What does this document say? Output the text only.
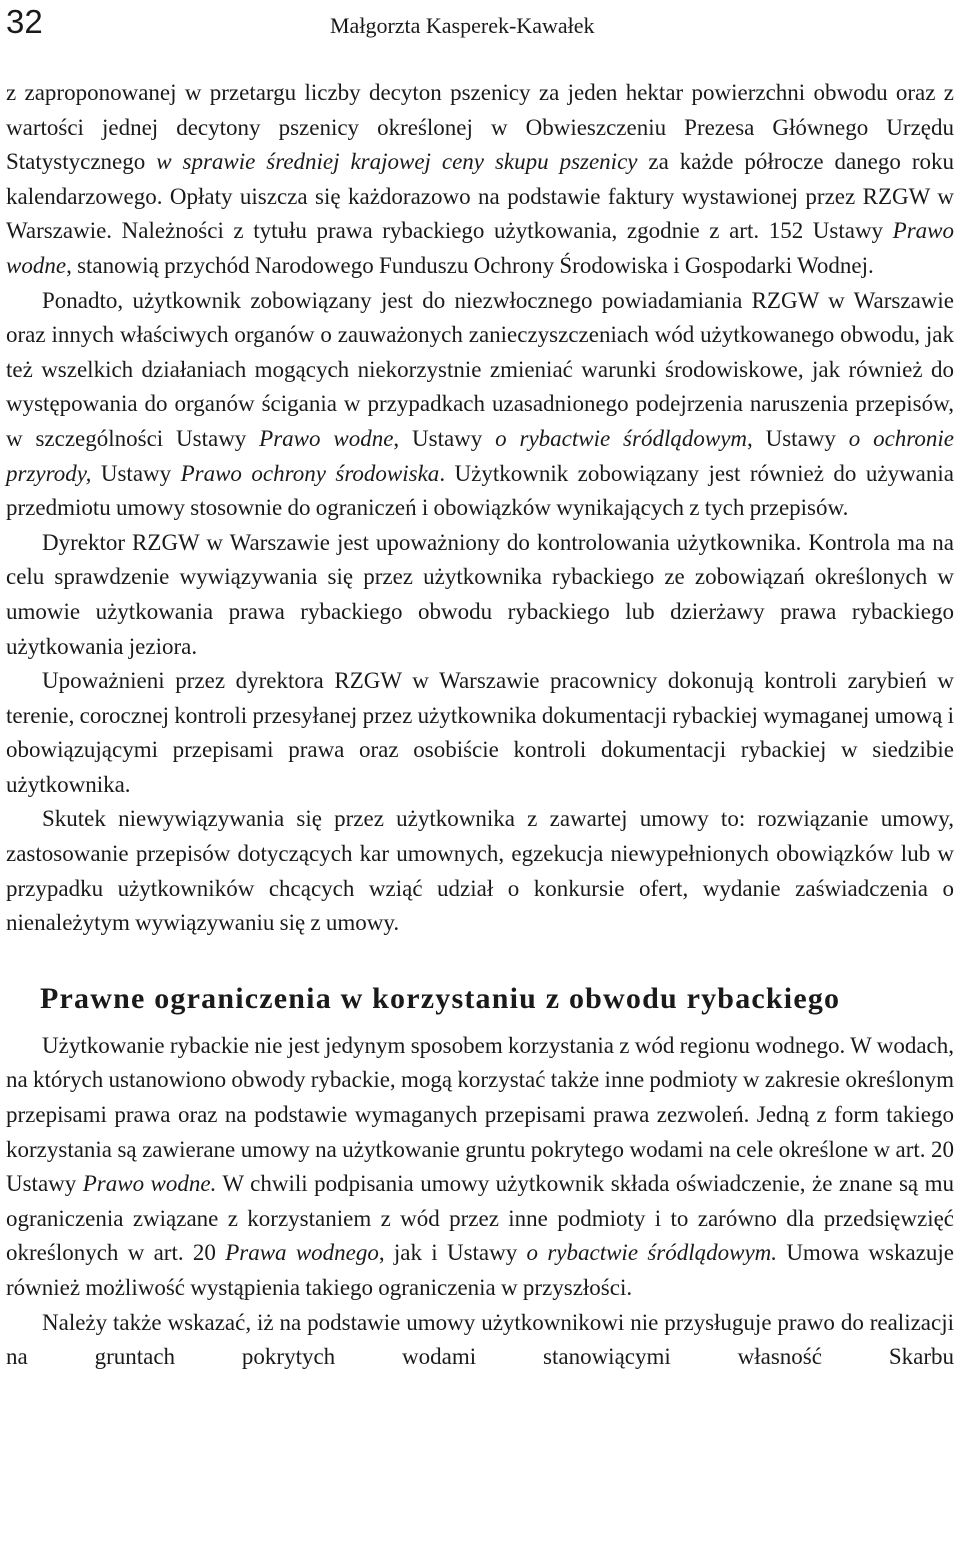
32	Małgorzta Kasperek-Kawałek

z zaproponowanej w przetargu liczby decyton pszenicy za jeden hektar powierzchni obwodu oraz z wartości jednej decytony pszenicy określonej w Obwieszczeniu Prezesa Głównego Urzędu Statystycznego w sprawie średniej krajowej ceny skupu pszenicy za każde półrocze danego roku kalendarzowego. Opłaty uiszcza się każdorazowo na podstawie faktury wystawionej przez RZGW w Warszawie. Należności z tytułu prawa rybackiego użytkowania, zgodnie z art. 152 Ustawy Prawo wodne, stanowią przychód Narodowego Funduszu Ochrony Środowiska i Gospodarki Wodnej.

Ponadto, użytkownik zobowiązany jest do niezwłocznego powiadamiania RZGW w Warszawie oraz innych właściwych organów o zauważonych zanieczyszczeniach wód użytkowanego obwodu, jak też wszelkich działaniach mogących niekorzystnie zmieniać warunki środowiskowe, jak również do występowania do organów ścigania w przypadkach uzasadnionego podejrzenia naruszenia przepisów, w szczególności Ustawy Prawo wodne, Ustawy o rybactwie śródlądowym, Ustawy o ochronie przyrody, Ustawy Prawo ochrony środowiska. Użytkownik zobowiązany jest również do używania przedmiotu umowy stosownie do ograniczeń i obowiązków wynikających z tych przepisów.

Dyrektor RZGW w Warszawie jest upoważniony do kontrolowania użytkownika. Kontrola ma na celu sprawdzenie wywiązywania się przez użytkownika rybackiego ze zobowiązań określonych w umowie użytkowania prawa rybackiego obwodu rybackiego lub dzierżawy prawa rybackiego użytkowania jeziora.

Upoważnieni przez dyrektora RZGW w Warszawie pracownicy dokonują kontroli zarybień w terenie, corocznej kontroli przesyłanej przez użytkownika dokumentacji rybackiej wymaganej umową i obowiązującymi przepisami prawa oraz osobiście kontroli dokumentacji rybackiej w siedzibie użytkownika.

Skutek niewywiązywania się przez użytkownika z zawartej umowy to: rozwiązanie umowy, zastosowanie przepisów dotyczących kar umownych, egzekucja niewypełnionych obowiązków lub w przypadku użytkowników chcących wziąć udział o konkursie ofert, wydanie zaświadczenia o nienależytym wywiązywaniu się z umowy.

Prawne ograniczenia w korzystaniu z obwodu rybackiego

Użytkowanie rybackie nie jest jedynym sposobem korzystania z wód regionu wodnego. W wodach, na których ustanowiono obwody rybackie, mogą korzystać także inne podmioty w zakresie określonym przepisami prawa oraz na podstawie wymaganych przepisami prawa zezwoleń. Jedną z form takiego korzystania są zawierane umowy na użytkowanie gruntu pokrytego wodami na cele określone w art. 20 Ustawy Prawo wodne. W chwili podpisania umowy użytkownik składa oświadczenie, że znane są mu ograniczenia związane z korzystaniem z wód przez inne podmioty i to zarówno dla przedsięwzięć określonych w art. 20 Prawa wodnego, jak i Ustawy o rybactwie śródlądowym. Umowa wskazuje również możliwość wystąpienia takiego ograniczenia w przyszłości.

Należy także wskazać, iż na podstawie umowy użytkownikowi nie przysługuje prawo do realizacji na gruntach pokrytych wodami stanowiącymi własność Skarbu
